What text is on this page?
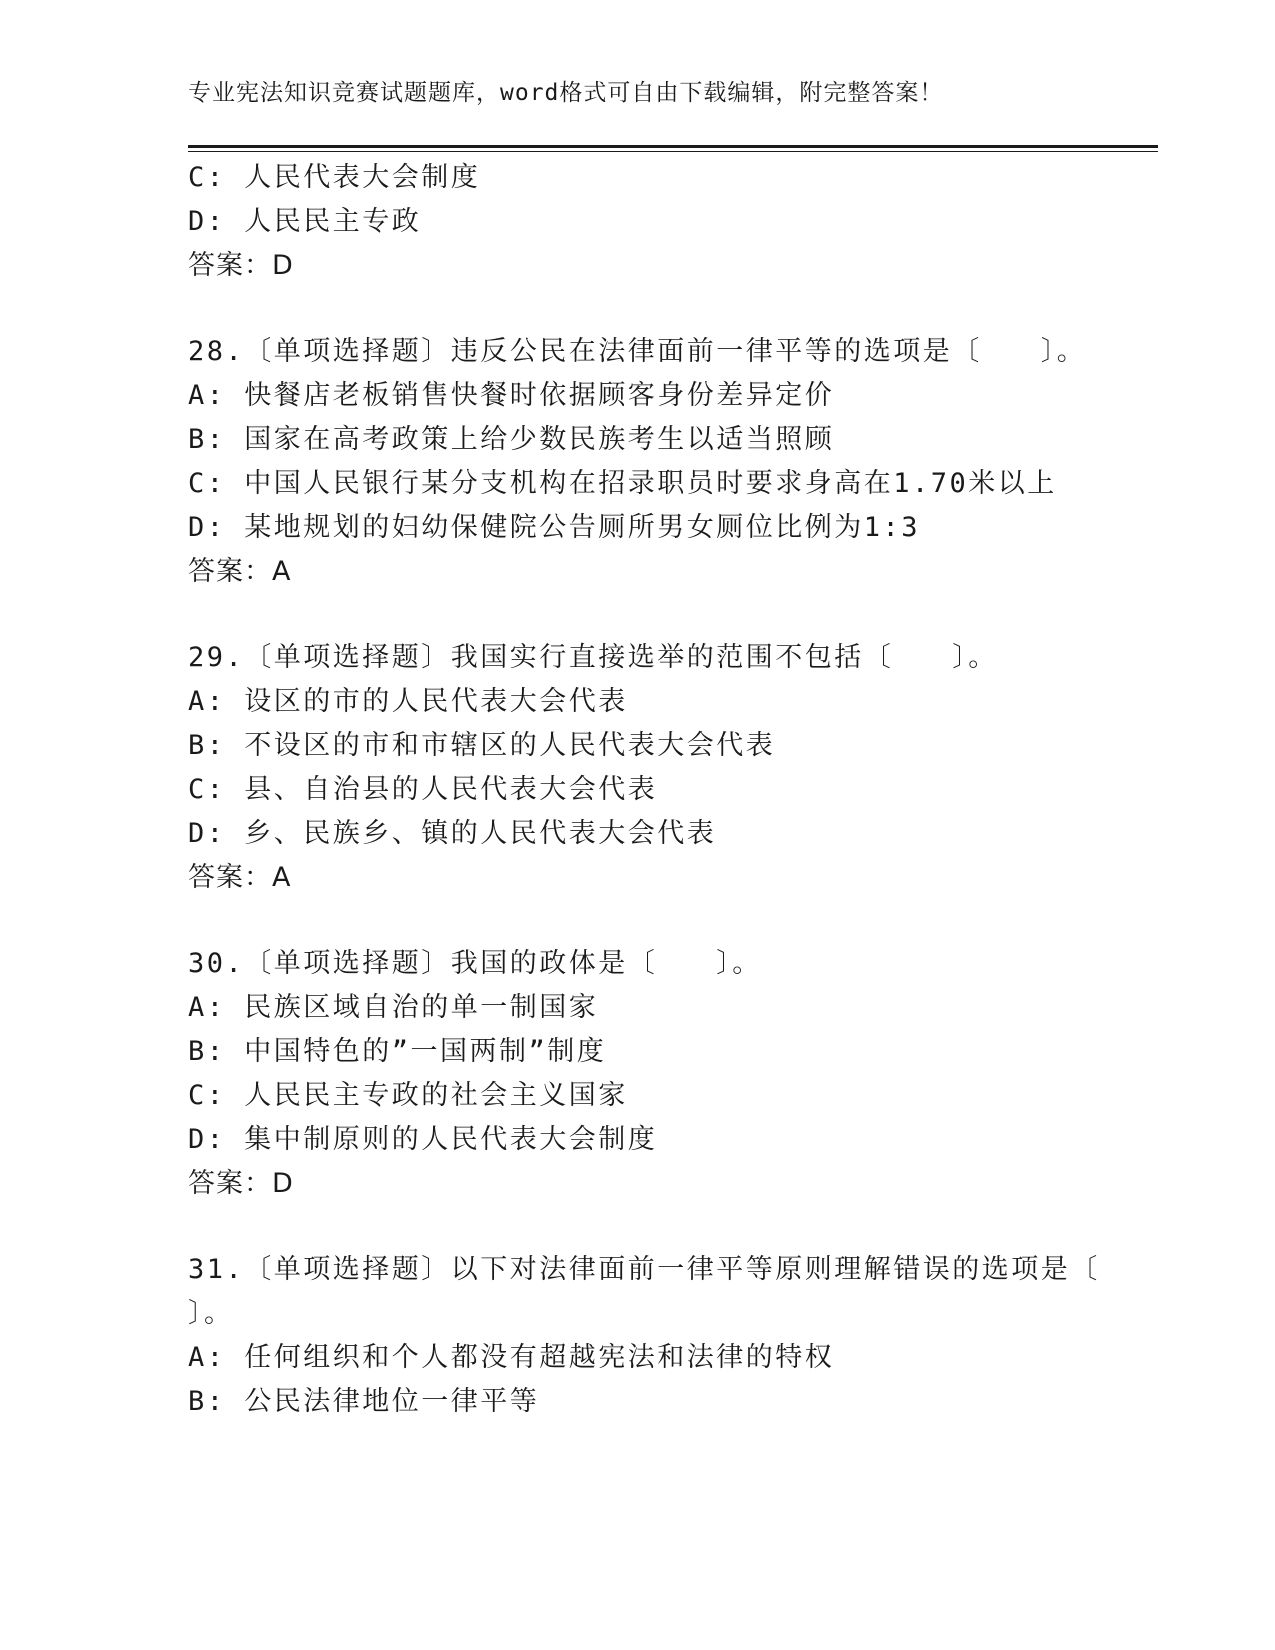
专业宪法知识竞赛试题题库，word格式可自由下载编辑，附完整答案！
C: 人民代表大会制度
D: 人民民主专政
答案：D
28.〔单项选择题〕违反公民在法律面前一律平等的选项是〔　　〕。
A: 快餐店老板销售快餐时依据顾客身份差异定价
B: 国家在高考政策上给少数民族考生以适当照顾
C: 中国人民银行某分支机构在招录职员时要求身高在1.70米以上
D: 某地规划的妇幼保健院公告厕所男女厕位比例为1:3
答案：A
29.〔单项选择题〕我国实行直接选举的范围不包括〔　　〕。
A: 设区的市的人民代表大会代表
B: 不设区的市和市辖区的人民代表大会代表
C: 县、自治县的人民代表大会代表
D: 乡、民族乡、镇的人民代表大会代表
答案：A
30.〔单项选择题〕我国的政体是〔　　〕。
A: 民族区域自治的单一制国家
B: 中国特色的”一国两制”制度
C: 人民民主专政的社会主义国家
D: 集中制原则的人民代表大会制度
答案：D
31.〔单项选择题〕以下对法律面前一律平等原则理解错误的选项是〔
〕。
A: 任何组织和个人都没有超越宪法和法律的特权
B: 公民法律地位一律平等
